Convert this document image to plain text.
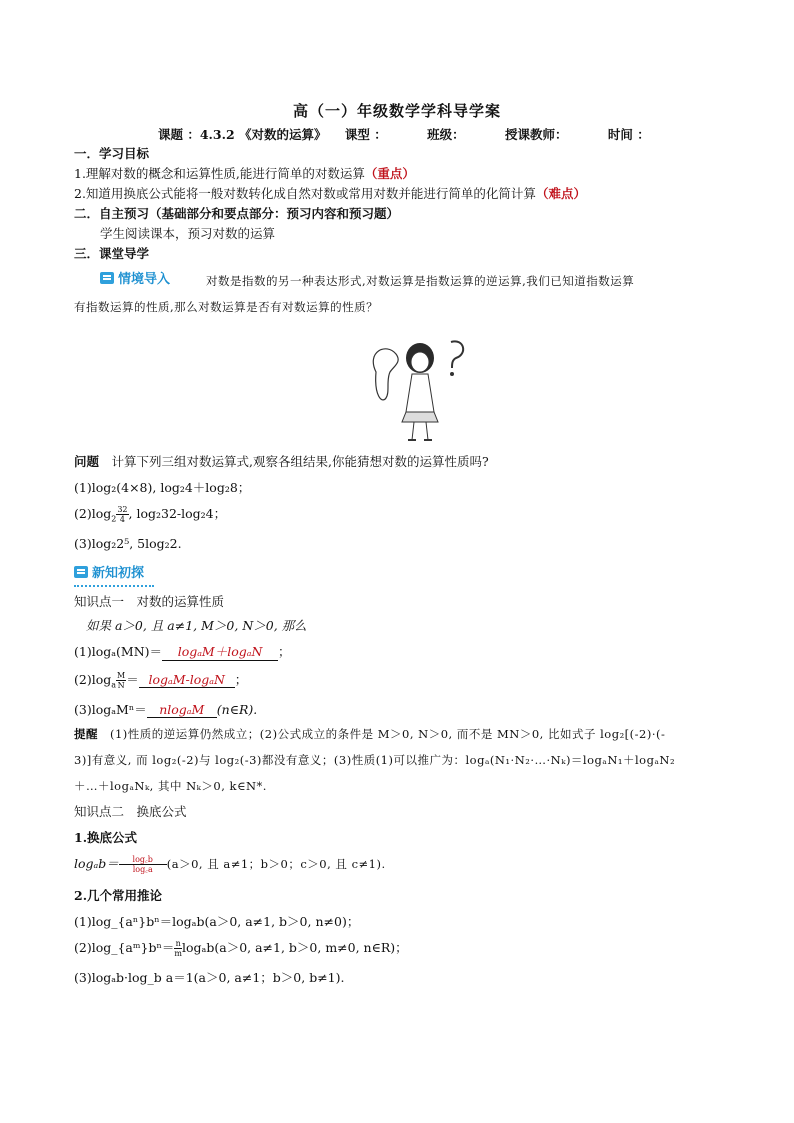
高（一）年级数学学科导学案
课题 ：4.3.2 《对数的运算》 课型 ：	班级：	授课教师：	时间 ：
一．学习目标
1.理解对数的概念和运算性质,能进行简单的对数运算（重点）
2.知道用换底公式能将一般对数转化成自然对数或常用对数并能进行简单的化简计算（难点）
二．自主预习（基础部分和要点部分：预习内容和预习题）
学生阅读课本，预习对数的运算
三．课堂导学
情境导入	对数是指数的另一种表达形式,对数运算是指数运算的逆运算,我们已知道指数运算
有指数运算的性质,那么对数运算是否有对数运算的性质？
问题　 计算下列三组对数运算式,观察各组结果,你能猜想对数的运算性质吗?
(1)log₂(4×8), log₂4＋log₂8；
$(2)\log_2 \frac{32}{4}$ , log₂32-log₂4；
(3)log₂2⁵, 5log₂2.
新知初探
知识点一　对数的运算性质
如果 a＞0, 且 a≠1, M＞0, N＞0, 那么
(1)logₐ(MN)＝ logₐM＋logₐN ；
$(2)\log_a \frac{M}{N} = \log_aM-\log_aN$ ；
(3)logₐMⁿ＝ nlogₐM (n∈R).
提醒  (1)性质的逆运算仍然成立；(2)公式成立的条件是 M＞0, N＞0, 而不是 MN＞0, 比如式子 log₂[(-2)·(-
3)]有意义, 而 log₂(-2)与 log₂(-3)都没有意义；(3)性质(1)可以推广为：logₐ(N₁·N₂·…·Nₖ)＝logₐN₁＋logₐN₂
＋…＋logₐNₖ, 其中 Nₖ＞0, k∈N*.
知识点二　换底公式
1.换底公式
$\log_ab= \frac{\log꜀b}{\log꜀a} (a>0$, 且 a≠1；b＞0；c＞0, 且 c≠1).
2.几个常用推论
(1)log_{aⁿ}bⁿ＝logₐb(a＞0, a≠1, b＞0, n≠0)；
(2)log_{aᵐ}bⁿ＝ $\frac{n}{m} \log_ab(a>0$, a≠1, b＞0, m≠0, n∈R)；
(3)logₐb·log_b a＝1(a＞0, a≠1；b＞0, b≠1).
